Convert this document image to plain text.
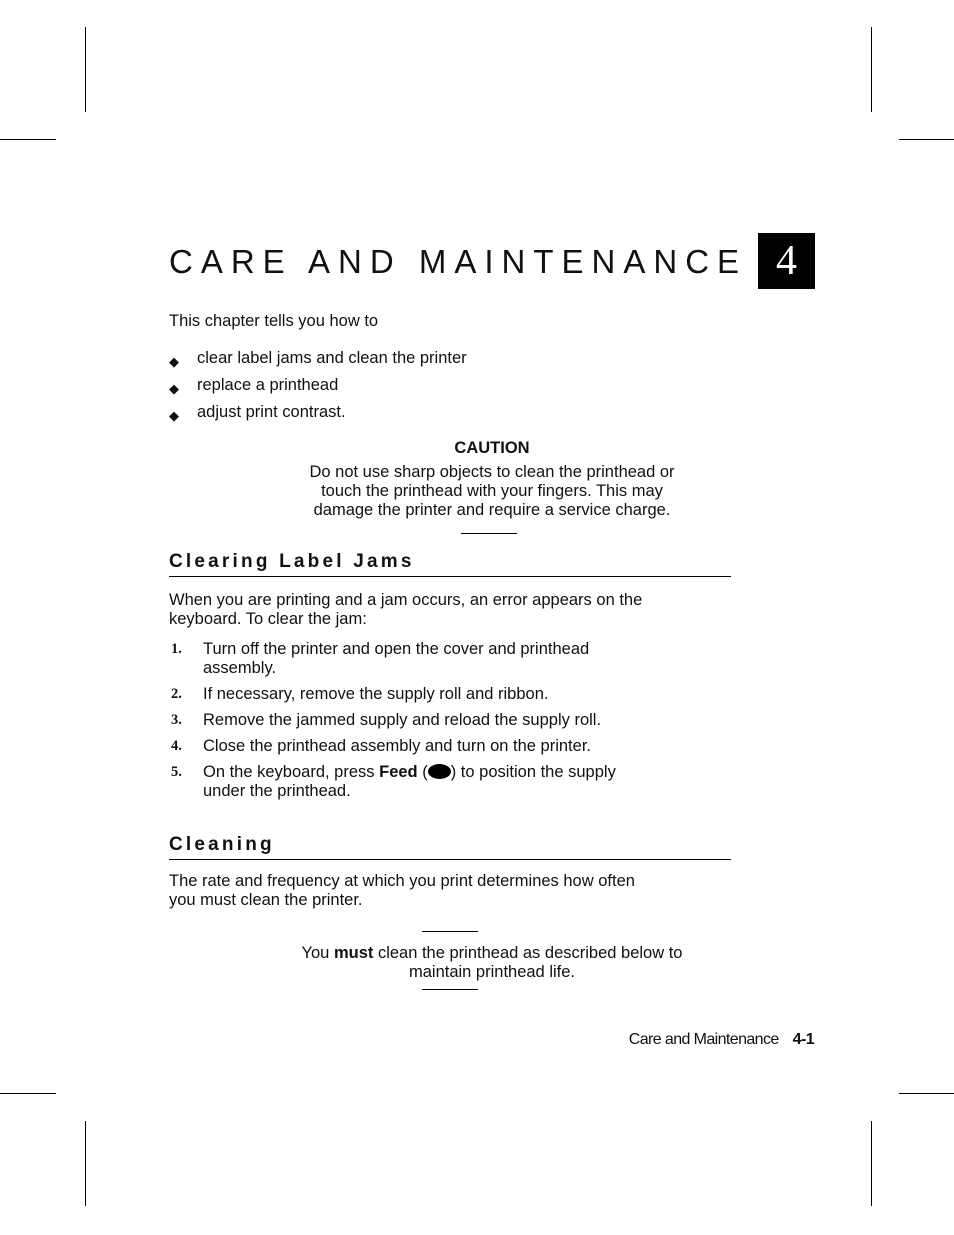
CARE AND MAINTENANCE 4

This chapter tells you how to

◆ clear label jams and clean the printer
◆ replace a printhead
◆ adjust print contrast.

CAUTION

Do not use sharp objects to clean the printhead or
touch the printhead with your fingers. This may
damage the printer and require a service charge.

Clearing Label Jams

When you are printing and a jam occurs, an error appears on the
keyboard. To clear the jam:

1. Turn off the printer and open the cover and printhead
assembly.
2. If necessary, remove the supply roll and ribbon.
3. Remove the jammed supply and reload the supply roll.
4. Close the printhead assembly and turn on the printer.
5. On the keyboard, press Feed ( ) to position the supply
under the printhead.
Cleaning

The rate and frequency at which you print determines how often
you must clean the printer.

You must clean the printhead as described below to
maintain printhead life.

Care and Maintenance 4-1
